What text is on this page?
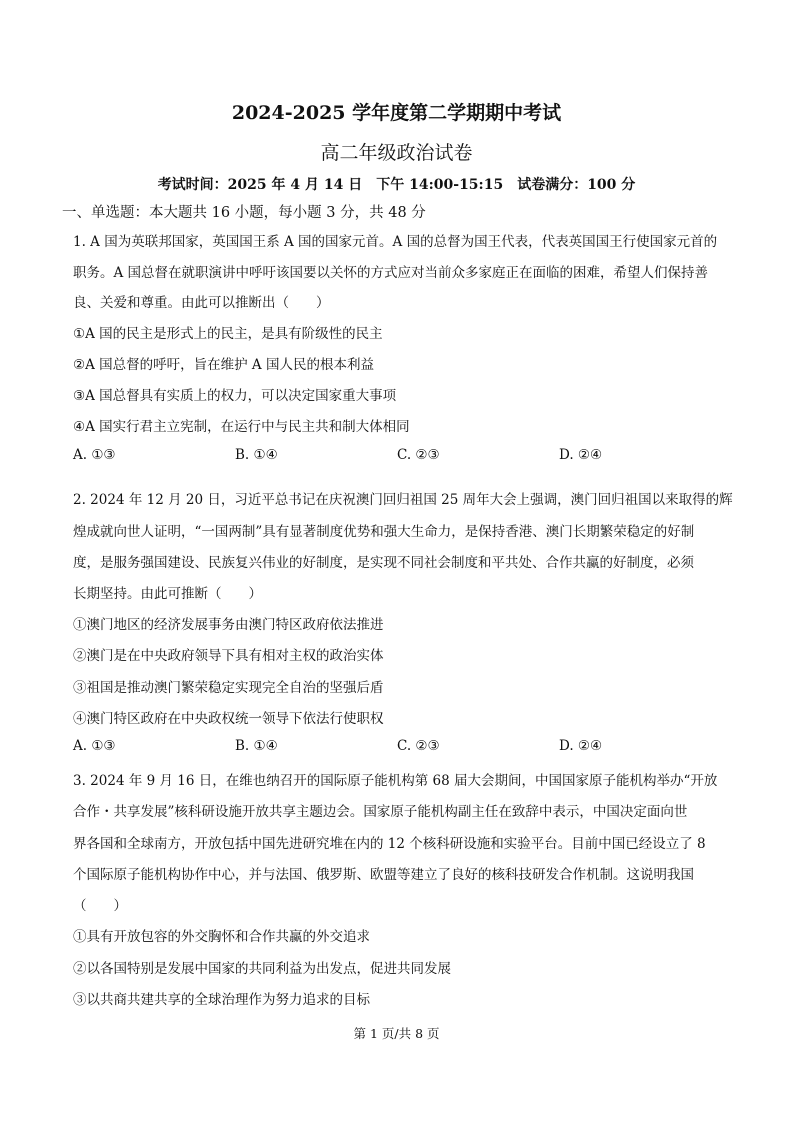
2024-2025 学年度第二学期期中考试
高二年级政治试卷
考试时间：2025 年 4 月 14 日　下午 14:00-15:15　试卷满分：100 分
一、单选题：本大题共 16 小题，每小题 3 分，共 48 分
1. A 国为英联邦国家，英国国王系 A 国的国家元首。A 国的总督为国王代表，代表英国国王行使国家元首的
职务。A 国总督在就职演讲中呼吁该国要以关怀的方式应对当前众多家庭正在面临的困难，希望人们保持善
良、关爱和尊重。由此可以推断出（　　）
①A 国的民主是形式上的民主，是具有阶级性的民主
②A 国总督的呼吁，旨在维护 A 国人民的根本利益
③A 国总督具有实质上的权力，可以决定国家重大事项
④A 国实行君主立宪制，在运行中与民主共和制大体相同
A. ①③	B. ①④	C. ②③	D. ②④
2. 2024 年 12 月 20 日，习近平总书记在庆祝澳门回归祖国 25 周年大会上强调，澳门回归祖国以来取得的辉
煌成就向世人证明，“一国两制”具有显著制度优势和强大生命力，是保持香港、澳门长期繁荣稳定的好制
度，是服务强国建设、民族复兴伟业的好制度，是实现不同社会制度和平共处、合作共赢的好制度，必须
长期坚持。由此可推断（　　）
①澳门地区的经济发展事务由澳门特区政府依法推进
②澳门是在中央政府领导下具有相对主权的政治实体
③祖国是推动澳门繁荣稳定实现完全自治的坚强后盾
④澳门特区政府在中央政权统一领导下依法行使职权
A. ①③	B. ①④	C. ②③	D. ②④
3. 2024 年 9 月 16 日，在维也纳召开的国际原子能机构第 68 届大会期间，中国国家原子能机构举办“开放
合作・共享发展”核科研设施开放共享主题边会。国家原子能机构副主任在致辞中表示，中国决定面向世
界各国和全球南方，开放包括中国先进研究堆在内的 12 个核科研设施和实验平台。目前中国已经设立了 8
个国际原子能机构协作中心，并与法国、俄罗斯、欧盟等建立了良好的核科技研发合作机制。这说明我国
（　　）
①具有开放包容的外交胸怀和合作共赢的外交追求
②以各国特别是发展中国家的共同利益为出发点，促进共同发展
③以共商共建共享的全球治理作为努力追求的目标
第 1 页/共 8 页
